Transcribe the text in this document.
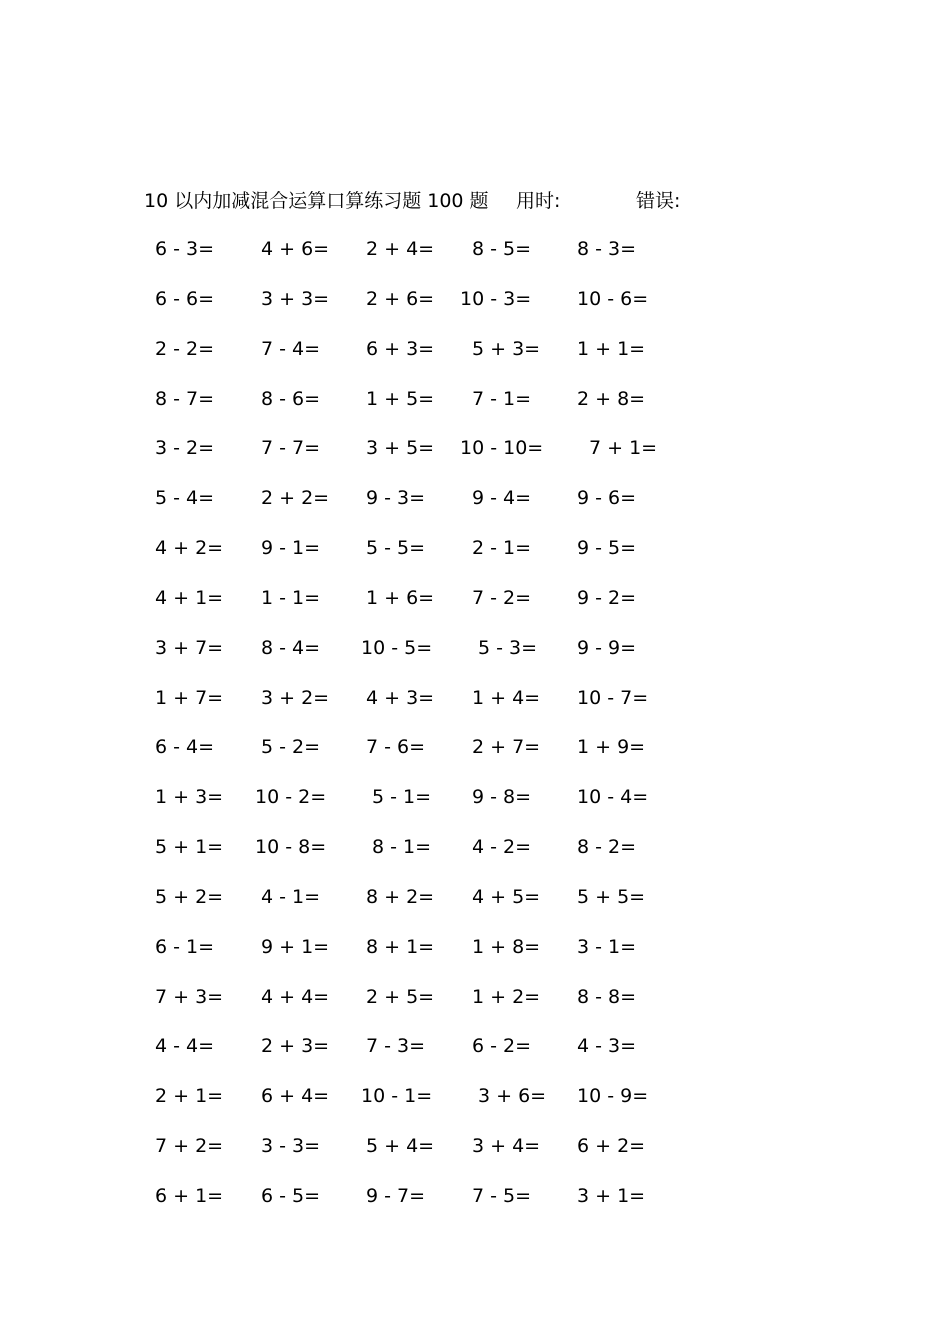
10 以内加减混合运算口算练习题 100 题 用时:	错误:
6 - 3= 4 + 6= 2 + 4= 8 - 5= 8 - 3=
6 - 6= 3 + 3= 2 + 6= 10 - 3= 10 - 6=
2 - 2= 7 - 4= 6 + 3= 5 + 3= 1 + 1=
8 - 7= 8 - 6= 1 + 5= 7 - 1= 2 + 8=
3 - 2= 7 - 7= 3 + 5= 10 - 10= 7 + 1=
5 - 4= 2 + 2= 9 - 3= 9 - 4= 9 - 6=
4 + 2= 9 - 1= 5 - 5= 2 - 1= 9 - 5=
4 + 1= 1 - 1= 1 + 6= 7 - 2= 9 - 2=
3 + 7= 8 - 4= 10 - 5= 5 - 3= 9 - 9=
1 + 7= 3 + 2= 4 + 3= 1 + 4= 10 - 7=
6 - 4= 5 - 2= 7 - 6= 2 + 7= 1 + 9=
1 + 3= 10 - 2= 5 - 1= 9 - 8= 10 - 4=
5 + 1= 10 - 8= 8 - 1= 4 - 2= 8 - 2=
5 + 2= 4 - 1= 8 + 2= 4 + 5= 5 + 5=
6 - 1= 9 + 1= 8 + 1= 1 + 8= 3 - 1=
7 + 3= 4 + 4= 2 + 5= 1 + 2= 8 - 8=
4 - 4= 2 + 3= 7 - 3= 6 - 2= 4 - 3=
2 + 1= 6 + 4= 10 - 1= 3 + 6= 10 - 9=
7 + 2= 3 - 3= 5 + 4= 3 + 4= 6 + 2=
6 + 1= 6 - 5= 9 - 7= 7 - 5= 3 + 1=
